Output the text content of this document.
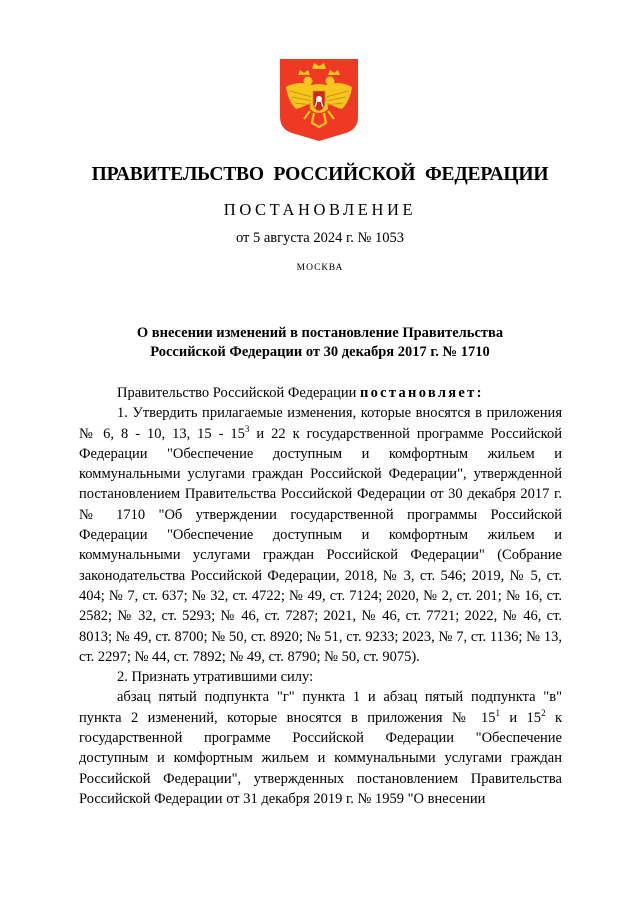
ПРАВИТЕЛЬСТВО РОССИЙСКОЙ ФЕДЕРАЦИИ
ПОСТАНОВЛЕНИЕ
от 5 августа 2024 г. № 1053
МОСКВА
О внесении изменений в постановление Правительства
Российской Федерации от 30 декабря 2017 г. № 1710

Правительство Российской Федерации постановляет:

1. Утвердить прилагаемые изменения, которые вносятся в приложения № 6, 8 - 10, 13, $15 - 15^3$ и 22 к государственной программе Российской Федерации "Обеспечение доступным и комфортным жильем и коммунальными услугами граждан Российской Федерации", утвержденной постановлением Правительства Российской Федерации от 30 декабря 2017 г. № 1710 "Об утверждении государственной программы Российской Федерации "Обеспечение доступным и комфортным жильем и коммунальными услугами граждан Российской Федерации" (Собрание законодательства Российской Федерации, 2018, № 3, ст. 546; 2019, № 5, ст. 404; № 7, ст. 637; № 32, ст. 4722; № 49, ст. 7124; 2020, № 2, ст. 201; № 16, ст. 2582; № 32, ст. 5293; № 46, ст. 7287; 2021, № 46, ст. 7721; 2022, № 46, ст. 8013; № 49, ст. 8700; № 50, ст. 8920; № 51, ст. 9233; 2023, № 7, ст. 1136; № 13, ст. 2297; № 44, ст. 7892; № 49, ст. 8790; № 50, ст. 9075).

2. Признать утратившими силу:

абзац пятый подпункта "г" пункта 1 и абзац пятый подпункта "в" пункта 2 изменений, которые вносятся в приложения № $15^1$ и $15^2$ к государственной программе Российской Федерации "Обеспечение доступным и комфортным жильем и коммунальными услугами граждан Российской Федерации", утвержденных постановлением Правительства Российской Федерации от 31 декабря 2019 г. № 1959 "О внесении
